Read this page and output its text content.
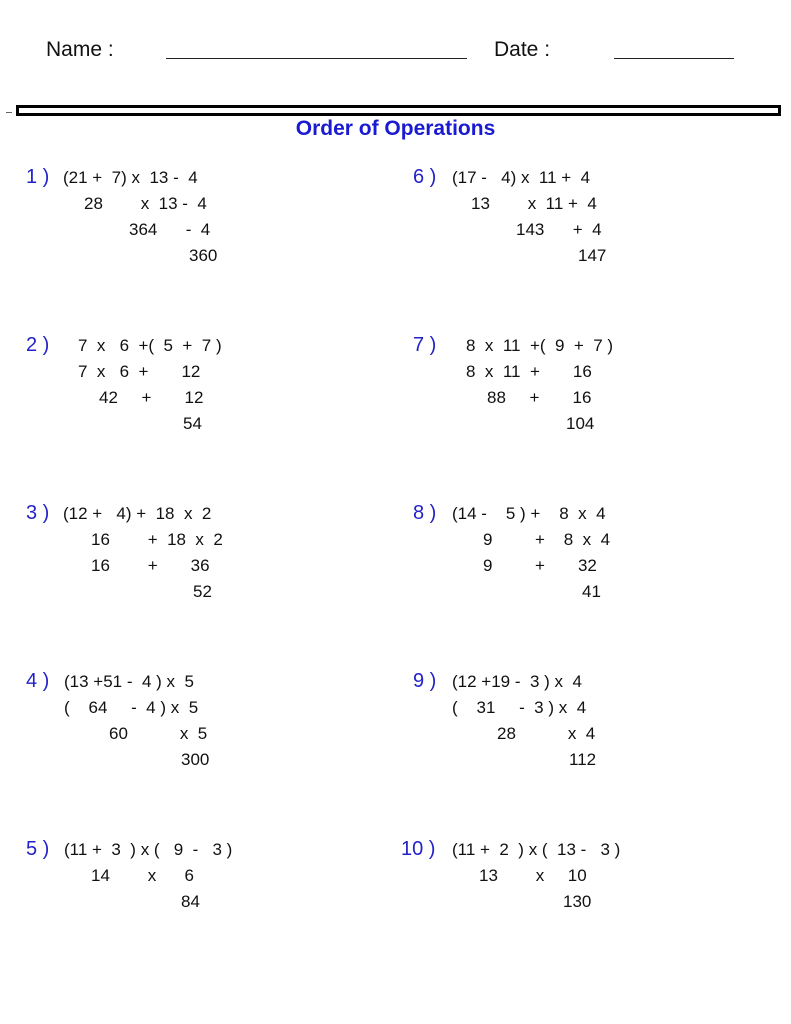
Name :	Date :
Order of Operations
1 ) (21 +  7) x  13 -  4
28        x  13 -  4
364      -  4
360
2 ) 7  x   6  +(  5  +  7 )
7  x   6  +       12
42     +       12
54
3 ) (12 +   4) +  18  x  2
16        +  18  x  2
16        +       36
52
4 ) (13 +51 -  4 ) x  5
(    64     -  4 ) x  5
60           x  5
300
5 ) (11 +  3  ) x (   9  -   3 )
14        x      6
84
6 ) (17 -   4) x  11 +  4
13        x  11 +  4
143      +  4
147
7 ) 8  x  11  +(  9  +  7 )
8  x  11  +       16
88     +       16
104
8 ) (14 -    5 ) +    8  x  4
9         +    8  x  4
9         +       32
41
9 ) (12 +19 -  3 ) x  4
(    31     -  3 ) x  4
28           x  4
112
10 ) (11 +  2  ) x (  13 -   3 )
13        x     10
130
